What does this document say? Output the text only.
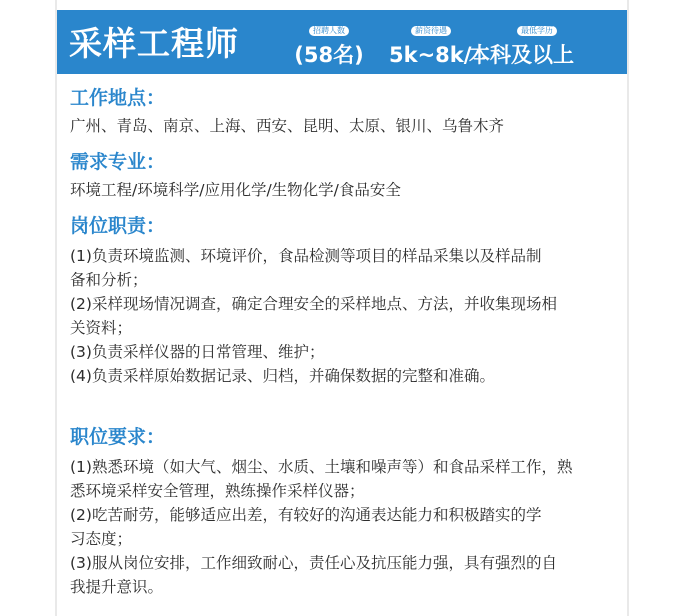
采样工程师	招聘人数
(58名)
薪资待遇
5k~8k/
最低学历
本科及以上

工作地点：

广州、青岛、南京、上海、西安、昆明、太原、银川、乌鲁木齐

需求专业：

环境工程/环境科学/应用化学/生物化学/食品安全

岗位职责：

(1)负责环境监测、环境评价，食品检测等项目的样品采集以及样品制

备和分析；

(2)采样现场情况调查，确定合理安全的采样地点、方法，并收集现场相

关资料；

(3)负责采样仪器的日常管理、维护；

(4)负责采样原始数据记录、归档，并确保数据的完整和准确。

职位要求：

(1)熟悉环境（如大气、烟尘、水质、土壤和噪声等）和食品采样工作，熟

悉环境采样安全管理，熟练操作采样仪器；

(2)吃苦耐劳，能够适应出差，有较好的沟通表达能力和积极踏实的学

习态度；

(3)服从岗位安排，工作细致耐心，责任心及抗压能力强，具有强烈的自

我提升意识。
